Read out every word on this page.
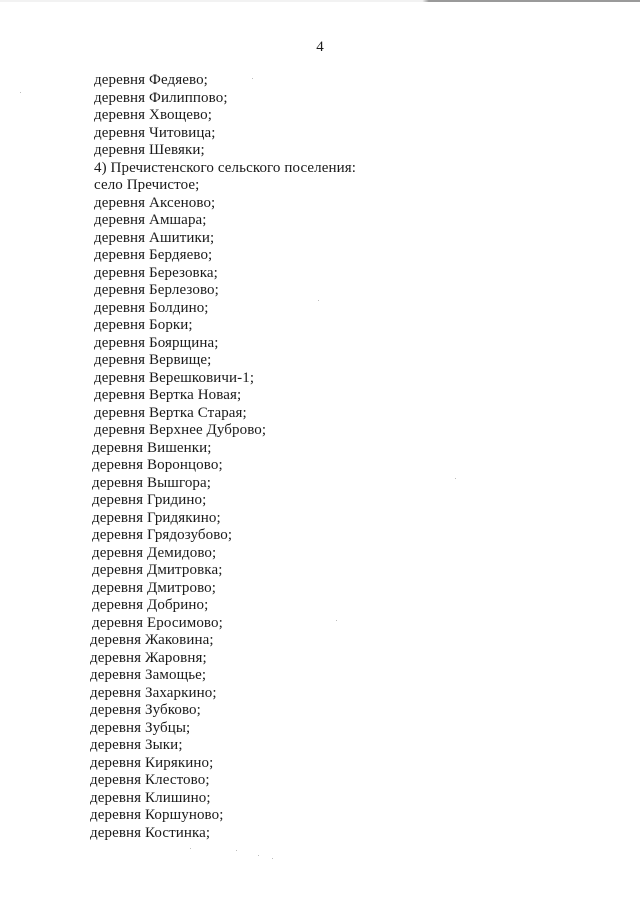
4
деревня Федяево;
деревня Филиппово;
деревня Хвощево;
деревня Читовица;
деревня Шевяки;
4) Пречистенского сельского поселения:
село Пречистое;
деревня Аксеново;
деревня Амшара;
деревня Ашитики;
деревня Бердяево;
деревня Березовка;
деревня Берлезово;
деревня Болдино;
деревня Борки;
деревня Боярщина;
деревня Вервище;
деревня Верешковичи-1;
деревня Вертка Новая;
деревня Вертка Старая;
деревня Верхнее Дуброво;
деревня Вишенки;
деревня Воронцово;
деревня Вышгора;
деревня Гридино;
деревня Гридякино;
деревня Грядозубово;
деревня Демидово;
деревня Дмитровка;
деревня Дмитрово;
деревня Добрино;
деревня Еросимово;
деревня Жаковина;
деревня Жаровня;
деревня Замощье;
деревня Захаркино;
деревня Зубково;
деревня Зубцы;
деревня Зыки;
деревня Кирякино;
деревня Клестово;
деревня Клишино;
деревня Коршуново;
деревня Костинка;
